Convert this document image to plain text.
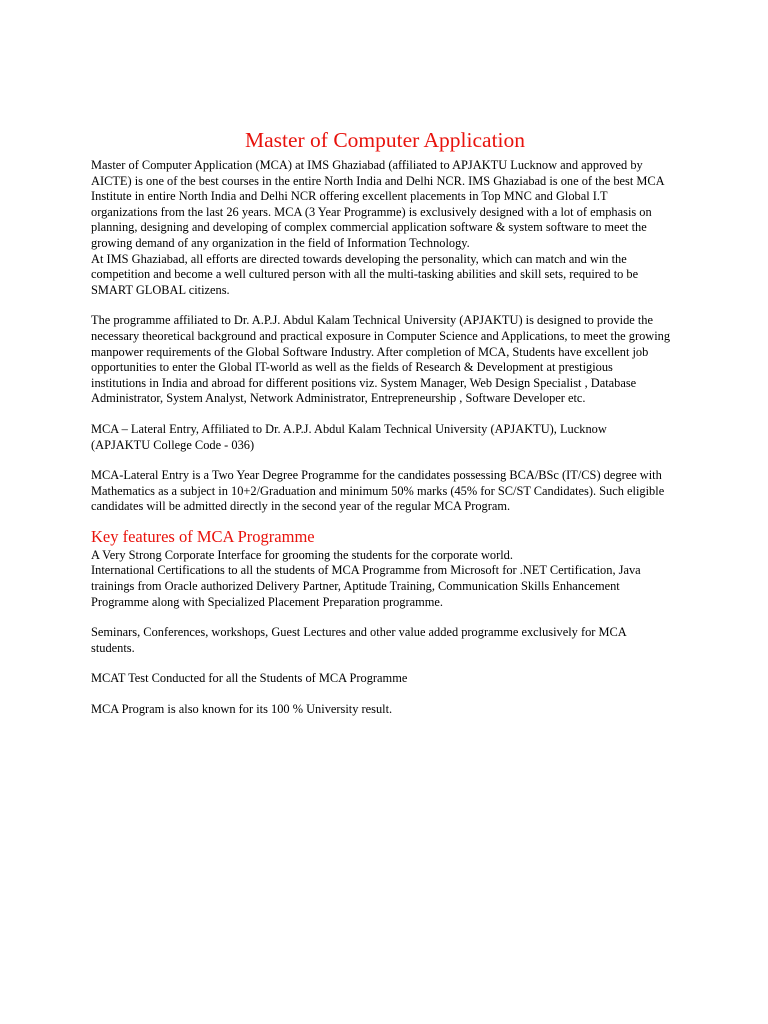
Master of Computer Application

Master of Computer Application (MCA) at IMS Ghaziabad (affiliated to APJAKTU Lucknow and approved by
AICTE) is one of the best courses in the entire North India and Delhi NCR. IMS Ghaziabad is one of the best MCA
Institute in entire North India and Delhi NCR offering excellent placements in Top MNC and Global I.T
organizations from the last 26 years. MCA (3 Year Programme) is exclusively designed with a lot of emphasis on
planning, designing and developing of complex commercial application software & system software to meet the
growing demand of any organization in the field of Information Technology.
At IMS Ghaziabad, all efforts are directed towards developing the personality, which can match and win the
competition and become a well cultured person with all the multi-tasking abilities and skill sets, required to be
SMART GLOBAL citizens.

The programme affiliated to Dr. A.P.J. Abdul Kalam Technical University (APJAKTU) is designed to provide the
necessary theoretical background and practical exposure in Computer Science and Applications, to meet the growing
manpower requirements of the Global Software Industry. After completion of MCA, Students have excellent job
opportunities to enter the Global IT-world as well as the fields of Research & Development at prestigious
institutions in India and abroad for different positions viz. System Manager, Web Design Specialist , Database
Administrator, System Analyst, Network Administrator, Entrepreneurship , Software Developer etc.

MCA – Lateral Entry, Affiliated to Dr. A.P.J. Abdul Kalam Technical University (APJAKTU), Lucknow
(APJAKTU College Code - 036)

MCA-Lateral Entry is a Two Year Degree Programme for the candidates possessing BCA/BSc (IT/CS) degree with
Mathematics as a subject in 10+2/Graduation and minimum 50% marks (45% for SC/ST Candidates). Such eligible
candidates will be admitted directly in the second year of the regular MCA Program.

Key features of MCA Programme

A Very Strong Corporate Interface for grooming the students for the corporate world.
International Certifications to all the students of MCA Programme from Microsoft for .NET Certification, Java
trainings from Oracle authorized Delivery Partner, Aptitude Training, Communication Skills Enhancement
Programme along with Specialized Placement Preparation programme.

Seminars, Conferences, workshops, Guest Lectures and other value added programme exclusively for MCA
students.

MCAT Test Conducted for all the Students of MCA Programme

MCA Program is also known for its 100 % University result.
